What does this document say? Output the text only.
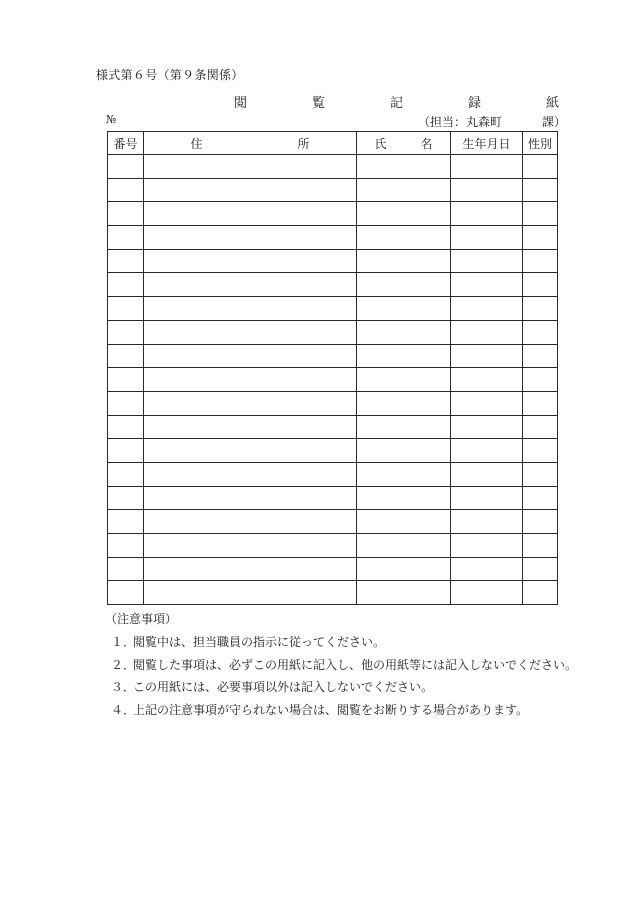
様式第６号（第９条関係）
閲　覧　記　録　紙
№	（担当：丸森町	課）
番号	住 所	氏 名	生年月日	性別

（注意事項）
１．閲覧中は、担当職員の指示に従ってください。
２．閲覧した事項は、必ずこの用紙に記入し、他の用紙等には記入しないでください。
３．この用紙には、必要事項以外は記入しないでください。
４．上記の注意事項が守られない場合は、閲覧をお断りする場合があります。
